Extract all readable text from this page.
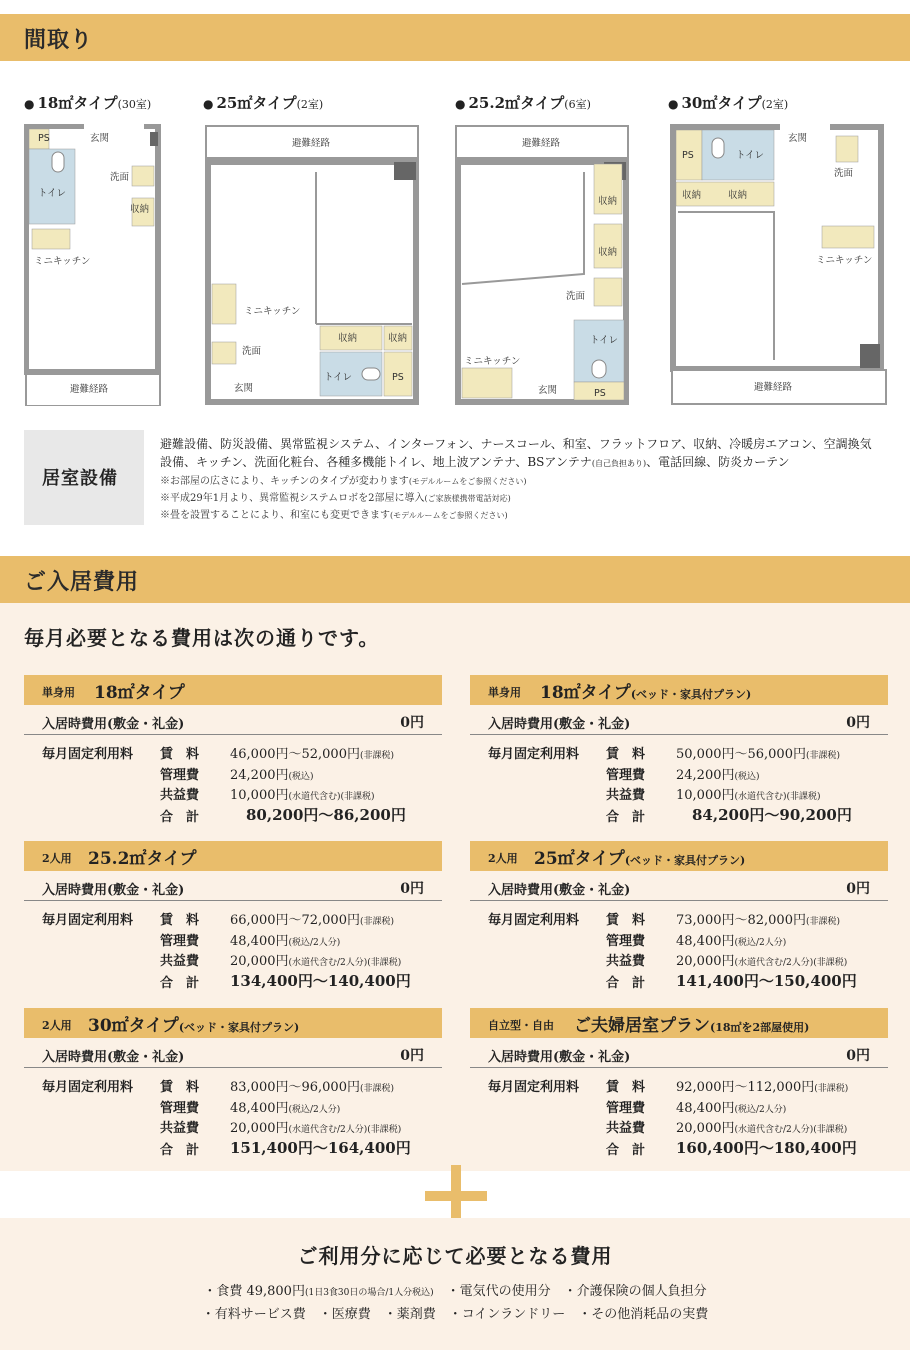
間取り
● 18㎡タイプ(30室)	● 25㎡タイプ(2室)	● 25.2㎡タイプ(6室)	● 30㎡タイプ(2室)
PS	玄関
洗面
トイレ
収納
ミニキッチン
避難経路
避難経路
ミニキッチン
洗面
玄関
収納	収納
トイレ	PS
避難経路
収納
収納
洗面
ミニキッチン
玄関
トイレ
PS
玄関
PS	トイレ
収納	収納
洗面
ミニキッチン
避難経路
居室設備
避難設備、防災設備、異常監視システム、インターフォン、ナースコール、和室、フラットフロア、収納、冷暖房エアコン、空調換気
設備、キッチン、洗面化粧台、各種多機能トイレ、地上波アンテナ、BSアンテナ(自己負担あり)、電話回線、防炎カーテン
※お部屋の広さにより、キッチンのタイプが変わります(モデルルームをご参照ください)
※平成29年1月より、異常監視システムロボを2部屋に導入(ご家族様携帯電話対応)
※畳を設置することにより、和室にも変更できます(モデルルームをご参照ください)
ご入居費用
毎月必要となる費用は次の通りです。
単身用 18㎡タイプ
入居時費用(敷金・礼金)	0円
毎月固定利用料 賃　料 46,000円〜52,000円(非課税)
管理費 24,200円(税込)
共益費 10,000円(水道代含む)(非課税)
合　計	80,200円〜86,200円
単身用 18㎡タイプ(ベッド・家具付プラン)
入居時費用(敷金・礼金)	0円
毎月固定利用料 賃　料 50,000円〜56,000円(非課税)
管理費 24,200円(税込)
共益費 10,000円(水道代含む)(非課税)
合　計	84,200円〜90,200円
2人用 25.2㎡タイプ
入居時費用(敷金・礼金)	0円
毎月固定利用料 賃　料 66,000円〜72,000円(非課税)
管理費 48,400円(税込/2人分)
共益費 20,000円(水道代含む/2人分)(非課税)
合　計 134,400円〜140,400円
2人用 25㎡タイプ(ベッド・家具付プラン)
入居時費用(敷金・礼金)	0円
毎月固定利用料 賃　料 73,000円〜82,000円(非課税)
管理費 48,400円(税込/2人分)
共益費 20,000円(水道代含む/2人分)(非課税)
合　計 141,400円〜150,400円
2人用 30㎡タイプ(ベッド・家具付プラン)
入居時費用(敷金・礼金)	0円
毎月固定利用料 賃　料 83,000円〜96,000円(非課税)
管理費 48,400円(税込/2人分)
共益費 20,000円(水道代含む/2人分)(非課税)
合　計 151,400円〜164,400円
自立型・自由 ご夫婦居室プラン(18㎡を2部屋使用)
入居時費用(敷金・礼金)	0円
毎月固定利用料 賃　料 92,000円〜112,000円(非課税)
管理費 48,400円(税込/2人分)
共益費 20,000円(水道代含む/2人分)(非課税)
合　計 160,400円〜180,400円
ご利用分に応じて必要となる費用
・食費 49,800円(1日3食30日の場合/1人分税込)　 ・電気代の使用分　・介護保険の個人負担分
・有料サービス費　・医療費　・薬剤費　・コインランドリー　・その他消耗品の実費
